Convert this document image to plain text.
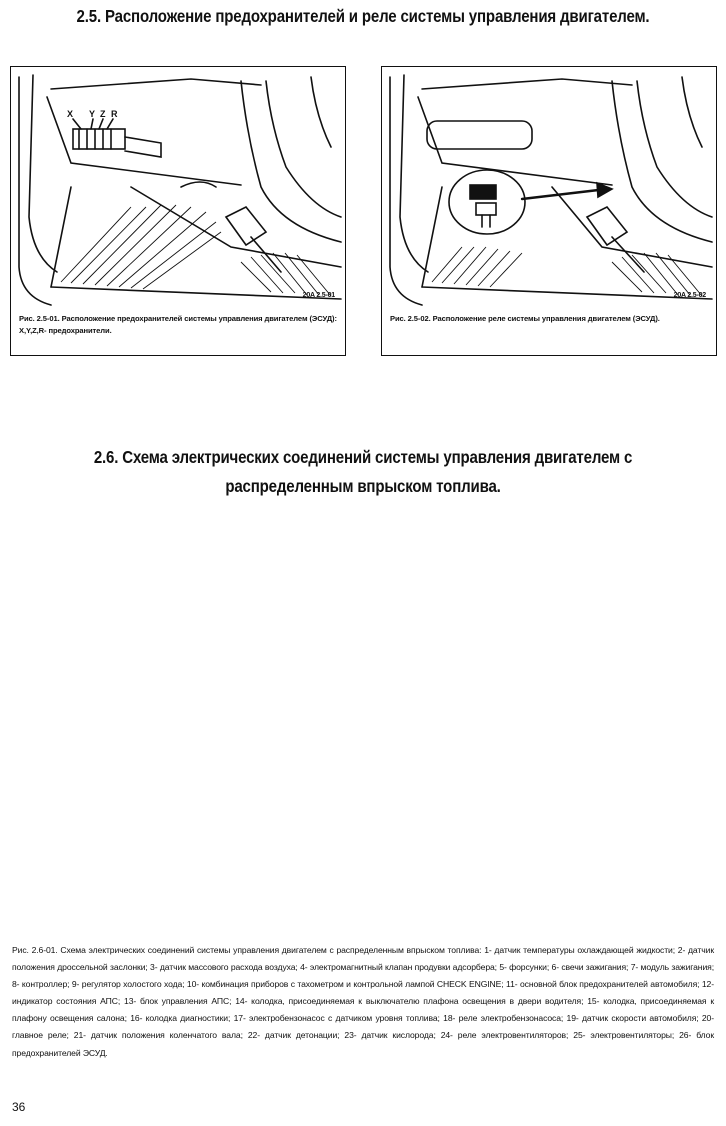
2.5. Расположение предохранителей и реле системы управления двигателем.
X Y Z R
20A 2.5-01
Рис. 2.5-01. Расположение предохранителей системы управления двигателем (ЭСУД): X,Y,Z,R- предохранители.
20A 2.5-02
Рис. 2.5-02. Расположение реле системы управления двигателем (ЭСУД).
2.6. Схема электрических соединений системы управления двигателем с
распределенным впрыском топлива.
Рис. 2.6-01. Схема электрических соединений системы управления двигателем с распределенным впрыском топлива: 1- датчик температуры охлаждающей жидкости; 2- датчик положения дроссельной заслонки; 3- датчик массового расхода воздуха; 4- электромагнитный клапан продувки адсорбера; 5- форсунки; 6- свечи зажигания; 7- модуль зажигания; 8- контроллер; 9- регулятор холостого хода; 10- комбинация приборов с тахометром и контрольной лампой CHECK ENGINE; 11- основной блок предохранителей автомобиля; 12- индикатор состояния АПС; 13- блок управления АПС; 14- колодка, присоединяемая к выключателю плафона освещения в двери водителя; 15- колодка, присоединяемая к плафону освещения салона; 16- колодка диагностики; 17- электробензонасос с датчиком уровня топлива; 18- реле электробензонасоса; 19- датчик скорости автомобиля; 20- главное реле; 21- датчик положения коленчатого вала; 22- датчик детонации; 23- датчик кислорода; 24- реле электровентиляторов; 25- электровентиляторы; 26- блок предохранителей ЭСУД.
36
